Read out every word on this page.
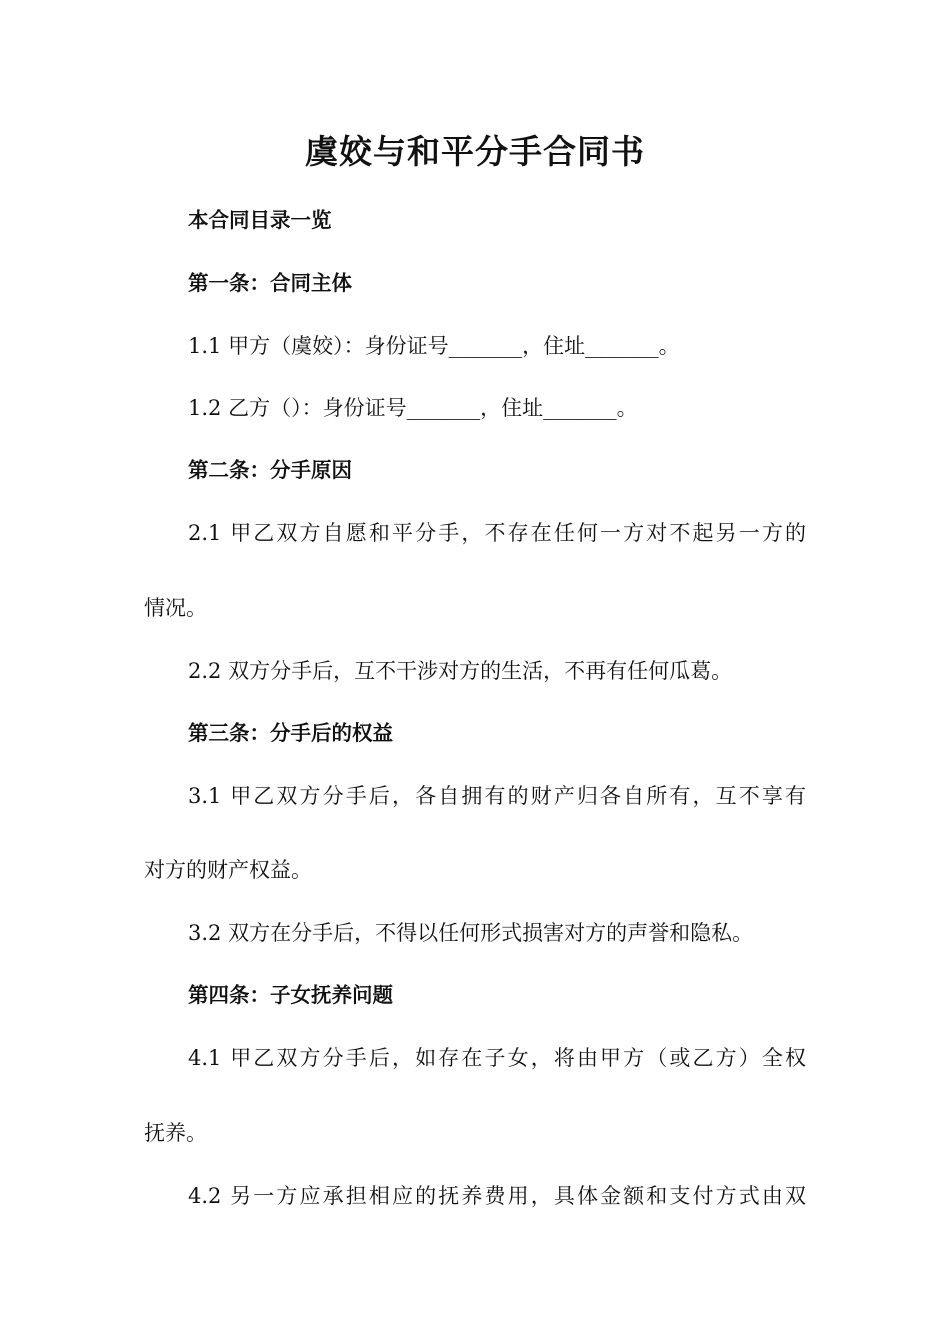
虞姣与和平分手合同书
本合同目录一览
第一条：合同主体
1.1 甲方（虞姣）：身份证号_______，住址_______。
1.2 乙方（）：身份证号_______，住址_______。
第二条：分手原因
2.1 甲乙双方自愿和平分手，不存在任何一方对不起另一方的
情况。
2.2 双方分手后，互不干涉对方的生活，不再有任何瓜葛。
第三条：分手后的权益
3.1 甲乙双方分手后，各自拥有的财产归各自所有，互不享有
对方的财产权益。
3.2 双方在分手后，不得以任何形式损害对方的声誉和隐私。
第四条：子女抚养问题
4.1 甲乙双方分手后，如存在子女，将由甲方（或乙方）全权
抚养。
4.2 另一方应承担相应的抚养费用，具体金额和支付方式由双
